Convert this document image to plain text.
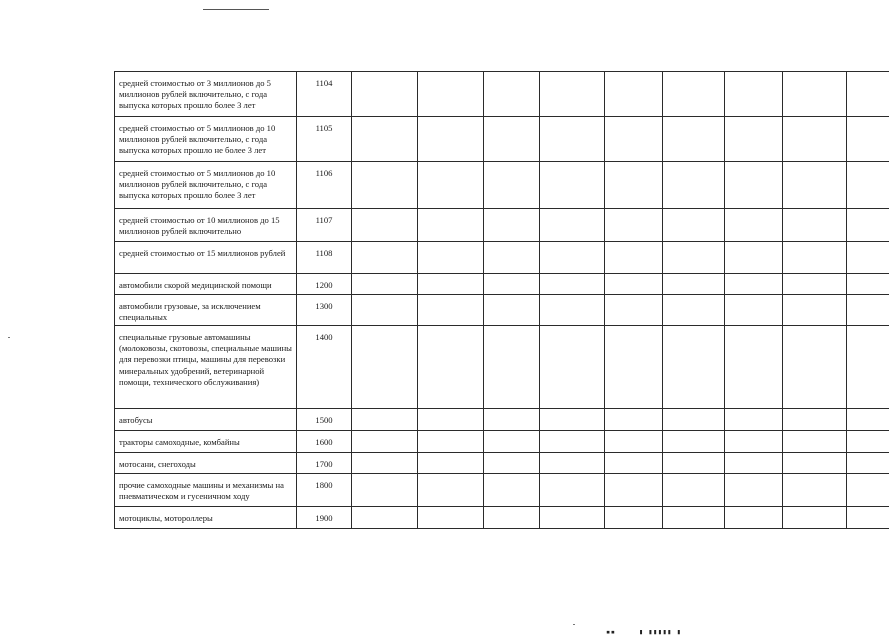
▪▪     ▮ ▮▮▮▮▮ ▮
средней стоимостью от 3 миллионов до 5 миллионов рублей включительно, с года выпуска которых прошло более 3 лет	1104									
средней стоимостью от 5 миллионов до 10 миллионов рублей включительно, с года выпуска которых прошло не более 3 лет	1105									
средней стоимостью от 5 миллионов до 10 миллионов рублей включительно, с года выпуска которых прошло более 3 лет	1106									
средней стоимостью от 10 миллионов до 15 миллионов рублей включительно	1107									
средней стоимостью от 15 миллионов рублей	1108									
автомобили скорой медицинской помощи	1200									
автомобили грузовые, за исключением специальных	1300									
специальные грузовые автомашины (молоковозы, скотовозы, специальные машины для перевозки птицы, машины для перевозки минеральных удобрений, ветеринарной помощи, технического обслуживания)	1400									
автобусы	1500									
тракторы самоходные, комбайны	1600									
мотосани, снегоходы	1700									
прочие самоходные машины и механизмы на пневматическом и гусеничном ходу	1800									
мотоциклы, мотороллеры	1900									
